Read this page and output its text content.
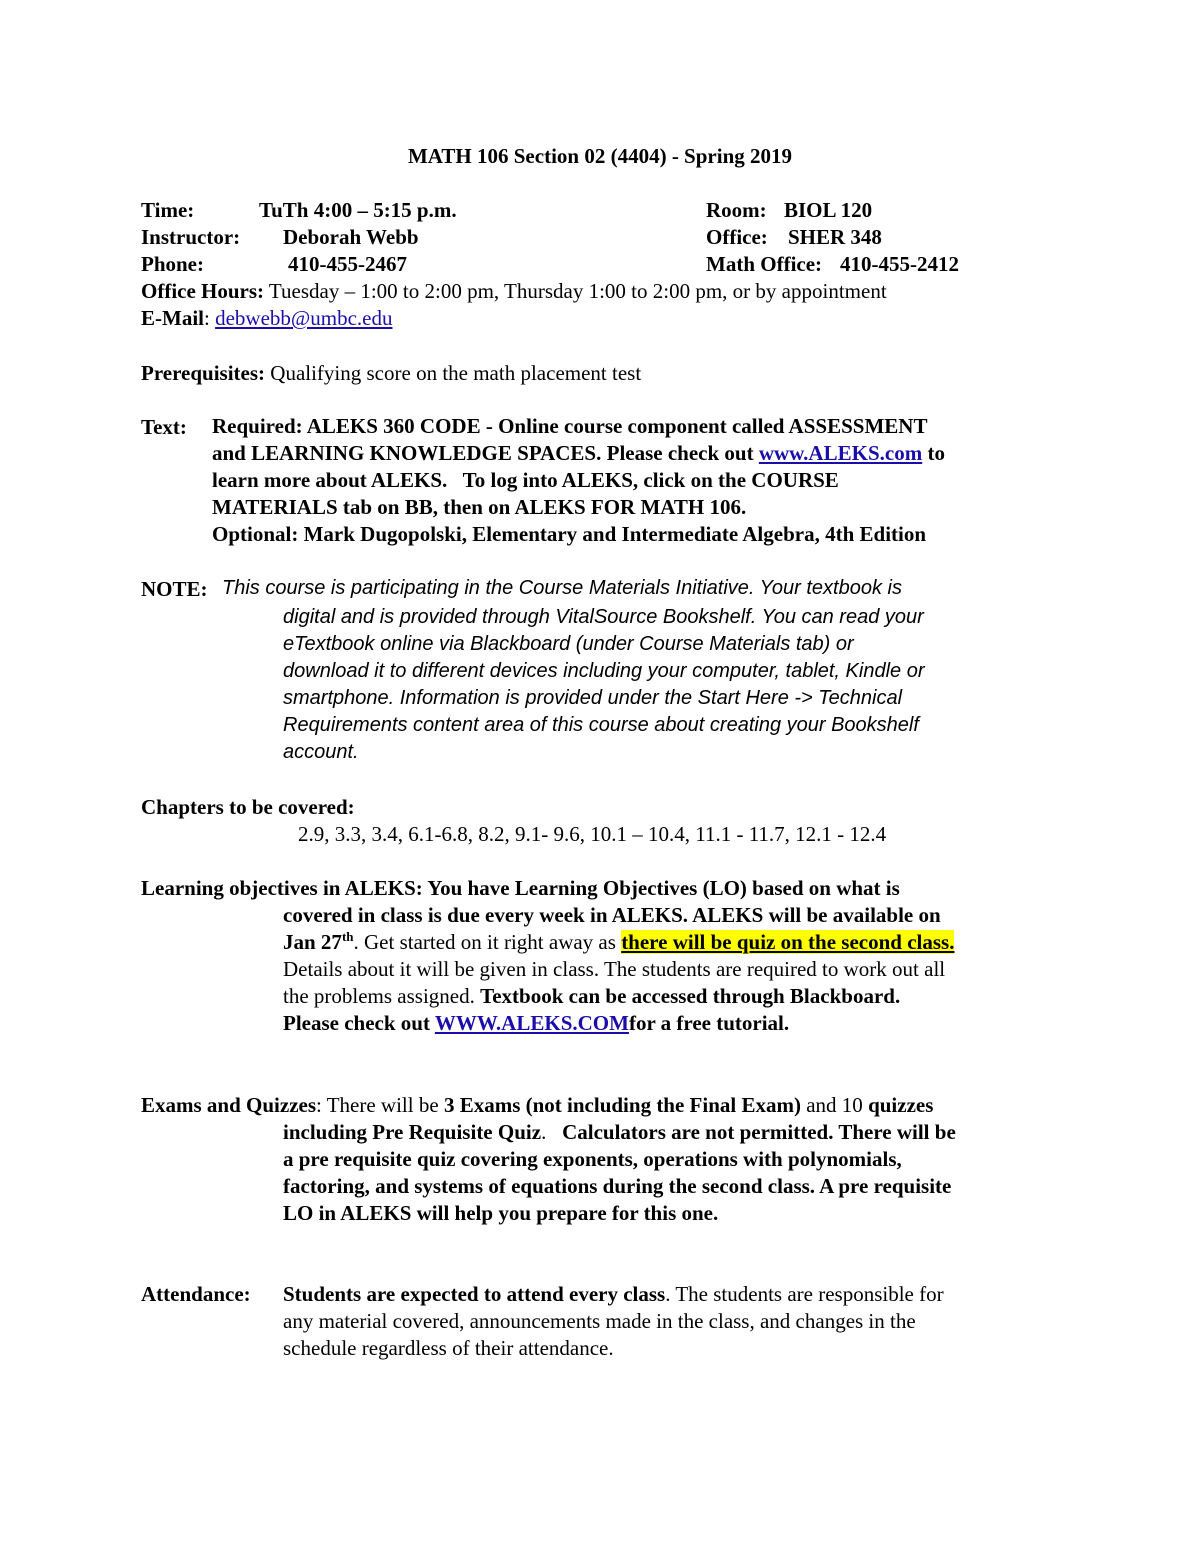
MATH 106 Section 02 (4404) - Spring 2019
Time:	TuTh 4:00 – 5:15 p.m.	Room: BIOL 120
Instructor: Deborah Webb	Office: SHER 348
Phone:	410-455-2467	Math Office: 410-455-2412
Office Hours: Tuesday – 1:00 to 2:00 pm, Thursday 1:00 to 2:00 pm, or by appointment
E-Mail: debwebb@umbc.edu
Prerequisites: Qualifying score on the math placement test
Text: Required: ALEKS 360 CODE - Online course component called ASSESSMENT
and LEARNING KNOWLEDGE SPACES. Please check out www.ALEKS.com to
learn more about ALEKS.   To log into ALEKS, click on the COURSE
MATERIALS tab on BB, then on ALEKS FOR MATH 106.
Optional: Mark Dugopolski, Elementary and Intermediate Algebra, 4th Edition
NOTE: This course is participating in the Course Materials Initiative. Your textbook is
digital and is provided through VitalSource Bookshelf. You can read your
eTextbook online via Blackboard (under Course Materials tab) or
download it to different devices including your computer, tablet, Kindle or
smartphone. Information is provided under the Start Here -> Technical
Requirements content area of this course about creating your Bookshelf
account.
Chapters to be covered:
2.9, 3.3, 3.4, 6.1-6.8, 8.2, 9.1- 9.6, 10.1 – 10.4, 11.1 - 11.7, 12.1 - 12.4
Learning objectives in ALEKS: You have Learning Objectives (LO) based on what is
covered in class is due every week in ALEKS. ALEKS will be available on
Jan 27th. Get started on it right away as there will be quiz on the second class.
Details about it will be given in class. The students are required to work out all
the problems assigned. Textbook can be accessed through Blackboard.
Please check out WWW.ALEKS.COMfor a free tutorial.
Exams and Quizzes: There will be 3 Exams (not including the Final Exam) and 10 quizzes
including Pre Requisite Quiz. Calculators are not permitted. There will be
a pre requisite quiz covering exponents, operations with polynomials,
factoring, and systems of equations during the second class. A pre requisite
LO in ALEKS will help you prepare for this one.
Attendance: Students are expected to attend every class. The students are responsible for
any material covered, announcements made in the class, and changes in the
schedule regardless of their attendance.
